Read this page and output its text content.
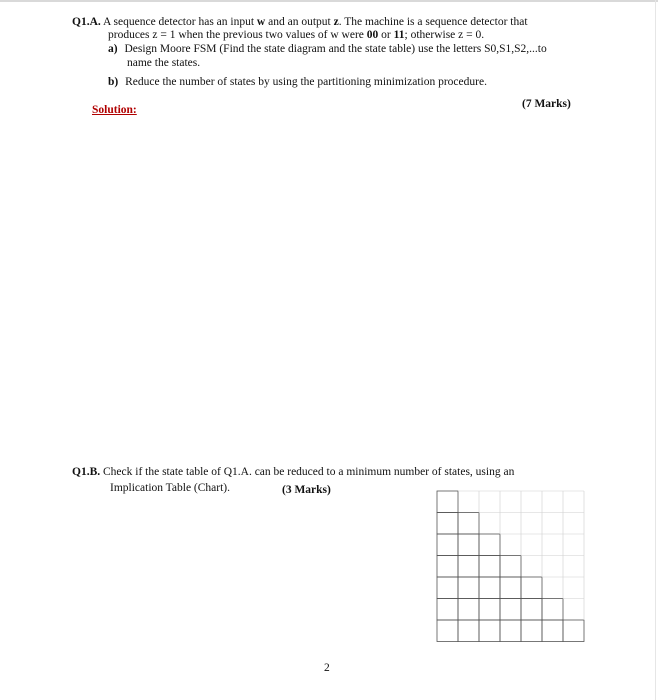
Q1.A. A sequence detector has an input w and an output z. The machine is a sequence detector that
produces z = 1 when the previous two values of w were 00 or 11; otherwise z = 0.
a) Design Moore FSM (Find the state diagram and the state table) use the letters S0,S1,S2,...to
name the states.
b) Reduce the number of states by using the partitioning minimization procedure.
Solution:	(7 Marks)
Q1.B. Check if the state table of Q1.A. can be reduced to a minimum number of states, using an
Implication Table (Chart).	(3 Marks)
2
